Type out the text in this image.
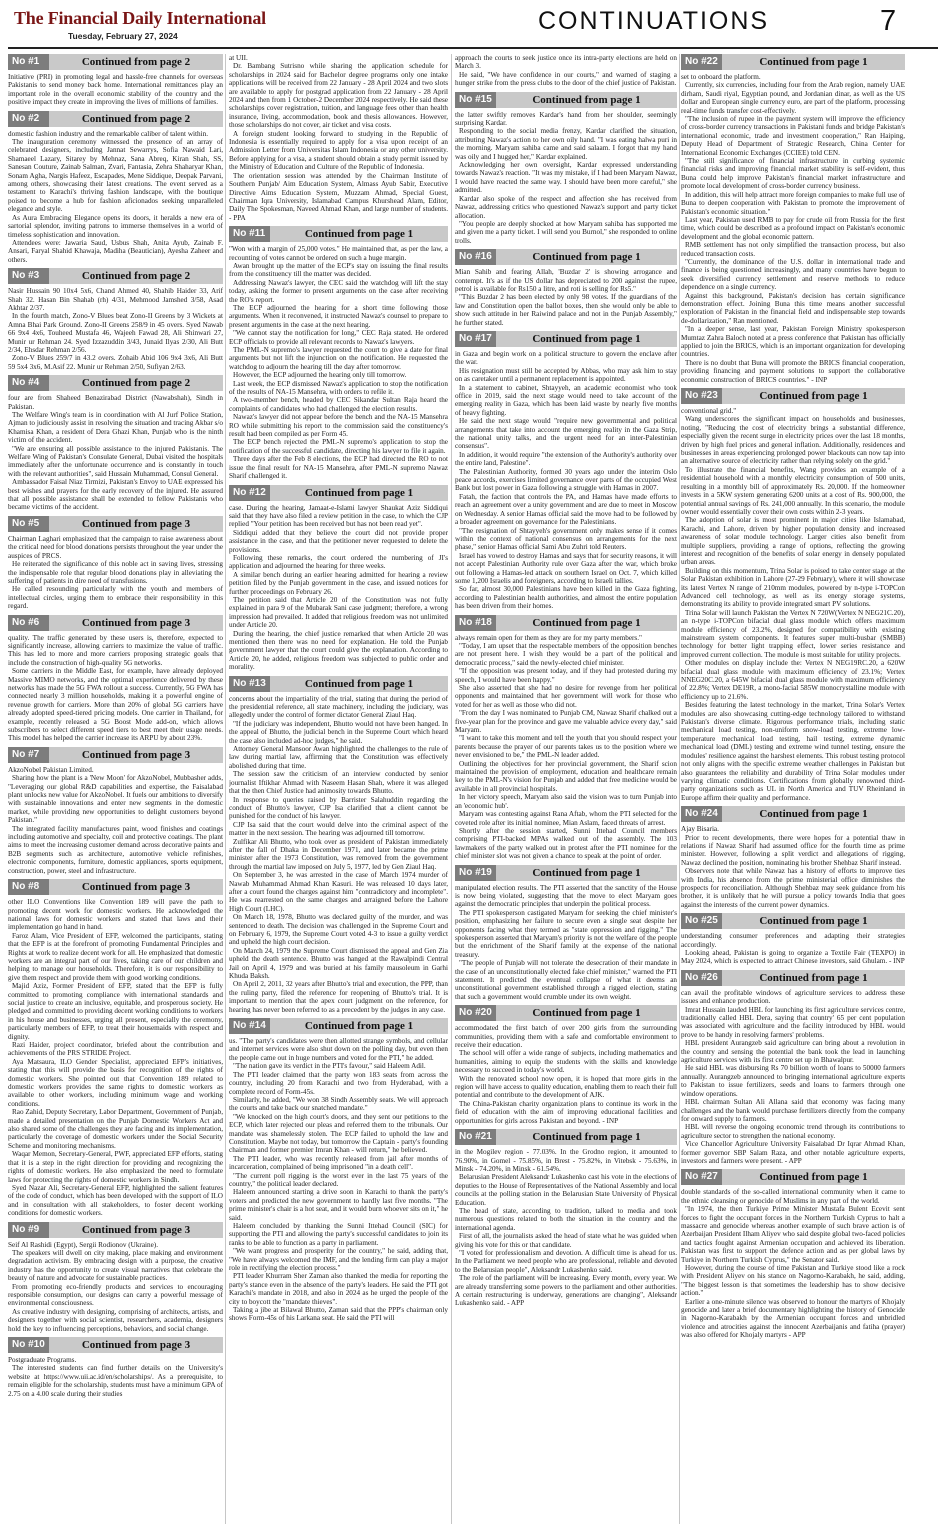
The Financial Daily International
Tuesday, February 27, 2024
CONTINUATIONS	7
No #1	Continued from page 2

Initiative (PRI) in promoting legal and hassle-free channels for overseas Pakistanis to send money back home. International remittances play an important role in the overall economic stability of the country and the positive impact they create in improving the lives of millions of families.

No #2	Continued from page 2

domestic fashion industry and the remarkable caliber of talent within.

The inauguration ceremony witnessed the presence of an array of celebrated designers, including Jannat Sewarrys, Sofia Nawaid Lari, Shamaeel Lazary, Sitarey by Mehnaz, Sana Abreq, Kiran Shah, SS, Sanesan Couture, Zainab Salman, Zvari, Fantasia, Zehra Shaharyar Khan, Sonam Agha, Nargis Hafeez, Escapades, Mene Siddique, Deepak Parvani, among others, showcasing their latest creations. The event served as a testament to Karachi's thriving fashion landscape, with the boutique poised to become a hub for fashion aficionados seeking unparalleled elegance and style.

As Aura Embracing Elegance opens its doors, it heralds a new era of sartorial splendor, inviting patrons to immerse themselves in a world of timeless sophistication and innovation.

Attendees were: Jawaria Saud, Usbus Shah, Anita Ayub, Zainab F. Ansari, Faryal Shahid Khawaja, Madiha (Beautician), Ayesha Zaheer and others.

No #3	Continued from page 2

Nasir Hussain 90 10x4 5x6, Chand Ahmed 40, Shahib Haider 33, Arif Shah 32. Hasan Bin Shahab (rh) 4/31, Mehmood Jamshed 3/58, Asad Akhtar 2/37.

In the fourth match, Zono-V Blues beat Zono-II Greens by 3 Wickets at Amna Bhai Park Ground. Zono-II Greens 258/9 in 45 overs. Syed Nawab 66 9x4 4x6, Touheed Mustafa 46, Wajeeh Fawad 28, Ali Shinwari 27, Munir ur Rehman 24. Syed Izzazuddin 3/43, Junaid Ilyas 2/30, Ali Butt 2/34, Ehsdar Rehman 2/56.

Zono-V Blues 259/7 in 43.2 overs. Zohaib Abid 106 9x4 3x6, Ali Butt 59 5x4 3x6, M.Asif 22. Munir ur Rehman 2/50, Sufiyan 2/63.

No #4	Continued from page 2

four are from Shaheed Benazirabad District (Nawabshah), Sindh in Pakistan.

The Welfare Wing's team is in coordination with Al Jurf Police Station, Ajman to judiciously assist in resolving the situation and tracing Akbar s/o Khamisa Khan, a resident of Dera Ghazi Khan, Punjab who is the ninth victim of the accident.

"We are ensuring all possible assistance to the injured Pakistanis. The Welfare Wing of Pakistan's Consulate General, Dubai visited the hospitals immediately after the unfortunate occurrence and is constantly in touch with the relevant authorities", said Hussain Muhammad, Consul General.

Ambassador Faisal Niaz Tirmizi, Pakistan's Envoy to UAE expressed his best wishes and prayers for the early recovery of the injured. He assured that all possible assistance shall be extended to fellow Pakistanis who became victims of the accident.

No #5	Continued from page 3

Chairman Laghari emphasized that the campaign to raise awareness about the critical need for blood donations persists throughout the year under the auspices of PRCS.

He reiterated the significance of this noble act in saving lives, stressing the indispensable role that regular blood donations play in alleviating the suffering of patients in dire need of transfusions.

He called resounding particularly with the youth and members of intellectual circles, urging them to embrace their responsibility in this regard.

No #6	Continued from page 3

quality. The traffic generated by these users is, therefore, expected to significantly increase, allowing carriers to maximize the value of traffic. This has led to more and more carriers proposing strategic goals that include the construction of high-quality 5G networks.

Some carriers in the Middle East, for example, have already deployed Massive MIMO networks, and the optimal experience delivered by these networks has made the 5G FWA rollout a success. Currently, 5G FWA has connected nearly 3 million households, making it a powerful engine of revenue growth for carriers. More than 20% of global 5G carriers have already adopted speed-tiered pricing models. One carrier in Thailand, for example, recently released a 5G Boost Mode add-on, which allows subscribers to select different speed tiers to best meet their usage needs. This model has helped the carrier increase its ARPU by about 23%.

No #7	Continued from page 3

AkzoNobel Pakistan Limited.

Sharing how the plant is a 'New Moon' for AkzoNobel, Mubbasher adds, "Leveraging our global R&D capabilities and expertise, the Faisalabad plant unlocks new value for AkzoNobel. It fuels our ambitions to diversify with sustainable innovations and enter new segments in the domestic market, while providing new opportunities to delight customers beyond Pakistan."

The integrated facility manufactures paint, wood finishes and coatings including automotive and specialty, coil and protective coatings. The plant aims to meet the increasing customer demand across decorative paints and B2B segments such as architecture, automotive vehicle refinishes, electronic components, furniture, domestic appliances, sports equipment, construction, power, steel and infrastructure.

No #8	Continued from page 3

other ILO Conventions like Convention 189 will pave the path to promoting decent work for domestic workers. He acknowledged the national laws for domestic workers and stated that laws and their implementation go hand in hand.

Faroz Alam, Vice President of EFP, welcomed the participants, stating that the EFP is at the forefront of promoting Fundamental Principles and Rights at work to realize decent work for all. He emphasized that domestic workers are an integral part of our lives, taking care of our children and helping to manage our households. Therefore, it is our responsibility to give them respect and provide them with good working conditions.

Majid Aziz, Former President of EFP, stated that the EFP is fully committed to promoting compliance with international standards and social justice to create an inclusive, equitable, and prosperous society. He pledged and committed to providing decent working conditions to workers in his house and businesses, urging all present, especially the ceremony, particularly members of EFP, to treat their housemaids with respect and dignity.

Razi Haider, project coordinator, briefed about the contribution and achievements of the PRS STRIDE Project.

Aya Matsaura, ILO Gender Specialist, appreciated EFP's initiatives, stating that this will provide the basis for recognition of the rights of domestic workers. She pointed out that Convention 189 related to domestic workers provides the same rights to domestic workers as available to other workers, including minimum wage and working conditions.

Rao Zahid, Deputy Secretary, Labor Department, Government of Punjab, made a detailed presentation on the Punjab Domestic Workers Act and also shared some of the challenges they are facing and its implementation, particularly the coverage of domestic workers under the Social Security Scheme and monitoring mechanisms.

Waqar Memon, Secretary-General, PWF, appreciated EFP efforts, stating that it is a step in the right direction for providing and recognizing the rights of domestic workers. He also emphasized the need to formulate laws for protecting the rights of domestic workers in Sindh.

Syed Nazar Ali, Secretary-General EFP, highlighted the salient features of the code of conduct, which has been developed with the support of ILO and in consultation with all stakeholders, to foster decent working conditions for domestic workers.

No #9	Continued from page 3

Seif Al Rashidi (Egypt), Sergii Rodionov (Ukraine).

The speakers will dwell on city making, place making and environment degradation activism. By embracing design with a purpose, the creative industry has the opportunity to create visual narratives that celebrate the beauty of nature and advocate for sustainable practices.

From promoting eco-friendly products and services to encouraging responsible consumption, our designs can carry a powerful message of environmental consciousness.

As creative industry with designing, comprising of architects, artists, and designers together with social scientist, researchers, academia, designers hold the key to influencing perceptions, behaviors, and social change.

No #10	Continued from page 3

Postgraduate Programs.

The interested students can find further details on the University's website at https://www.uii.ac.id/en/scholarships/. As a prerequisite, to remain eligible for the scholarship, students must have a minimum GPA of 2.75 on a 4.00 scale during their studies

at UII.

Dr. Bambang Sutrisno while sharing the application schedule for scholarships in 2024 said for Bachelor degree programs only one intake applications will be received from 22 January - 28 April 2024 and two slots are available to apply for postgrad application from 22 January - 28 April 2024 and then from 1 October-2 December 2024 respectively. He said these scholarships cover registration, tuition, and language fees other than health insurance, living, accommodation, book and thesis allowances. However, those scholarships do not cover, air ticket and visa costs.

A foreign student looking forward to studying in the Republic of Indonesia is essentially required to apply for a visa upon receipt of an Admission Letter from Universitas Islam Indonesia or any other university. Before applying for a visa, a student should obtain a study permit issued by the Ministry of Education and Culture of the Republic of Indonesia.

The orientation session was attended by the Chairman Institute of Southern Punjab/ Aim Education System, Almass Ayub Sabir, Executive Directive Aims Education System, Muzzam Ahmad, Special Guest, Chairman Iqra University, Islamabad Campus Khurshead Alam, Editor, Daily The Spokesman, Naveed Ahmad Khan, and large number of students. - PPA

No #11	Continued from page 1

"Won with a margin of 25,000 votes." He maintained that, as per the law, a recounting of votes cannot be ordered on such a huge margin.

Awan brought up the matter of the ECP's stay on issuing the final results from the constituency till the matter was decided.

Addressing Nawaz's lawyer, the CEC said the watchdog will lift the stay today, asking the former to present arguments on the case after receiving the RO's report.

The ECP adjourned the hearing for a short time following those arguments. When it reconvened, it instructed Nawaz's counsel to prepare to present arguments in the case at the next hearing.

"We cannot stay the notification for long," CEC Raja stated. He ordered ECP officials to provide all relevant records to Nawaz's lawyers.

The PML-N supremo's lawyer requested the court to give a date for final arguments but not lift the injunction on the notification. He requested the watchdog to adjourn the hearing till the day after tomorrow.

However, the ECP adjourned the hearing only till tomorrow.

Last week, the ECP dismissed Nawaz's application to stop the notification of the results of NA-15 Mansehra, with orders to refile it.

A two-member bench, headed by CEC Sikandar Sultan Raja heard the complaints of candidates who had challenged the election results.

Nawaz's lawyer did not appear before the bench and the NA-15 Mansehra RO while submitting his report to the commission said the constituency's result had been compiled as per Form 45.

The ECP bench rejected the PML-N supremo's application to stop the notification of the successful candidate, directing his lawyer to file it again.

Three days after the Feb 8 elections, the ECP had directed the RO to not issue the final result for NA-15 Mansehra, after PML-N supremo Nawaz Sharif challenged it.

No #12	Continued from page 1

case. During the hearing, Jamaat-e-Islami lawyer Shaukat Aziz Siddiqui said that they have also filed a review petition in the case, to which the CJP replied "Your petition has been received but has not been read yet".

Siddiqui added that they believe the court did not provide proper assistance in the case, and that the petitioner never requested to delete the provisions.

Following these remarks, the court ordered the numbering of JI's application and adjourned the hearing for three weeks.

A similar bench during an earlier hearing admitted for hearing a review petition filed by the Punjab government in the case, and issued notices for further proceedings on February 26.

The petition said that Article 20 of the Constitution was not fully explained in para 9 of the Mubarak Sani case judgment; therefore, a wrong impression had prevailed. It added that religious freedom was not unlimited under Article 20.

During the hearing, the chief justice remarked that when Article 20 was mentioned then there was no need for explanation. He told the Punjab government lawyer that the court could give the explanation. According to Article 20, he added, religious freedom was subjected to public order and morality.

No #13	Continued from page 1

concerns about the impartiality of the trial, stating that during the period of the presidential reference, all state machinery, including the judiciary, was allegedly under the control of former dictator General Ziaul Haq.

"If the judiciary was independent, Bhutto would not have been hanged. In the appeal of Bhutto, the judicial bench in the Supreme Court which heard the case also included ad-hoc judges," he said.

Attorney General Mansoor Awan highlighted the challenges to the rule of law during martial law, affirming that the Constitution was effectively abolished during that time.

The session saw the criticism of an interview conducted by senior journalist Iftikhar Ahmad with Naseem Hasan Shah, where it was alleged that the then Chief Justice had animosity towards Bhutto.

In response to queries raised by Barrister Salahuddin regarding the conduct of Bhutto's lawyer, CJP Isa clarified that a client cannot be punished for the conduct of his lawyer.

CJP Isa said that the court would delve into the criminal aspect of the matter in the next session. The hearing was adjourned till tomorrow.

Zulfikar Ali Bhutto, who took over as president of Pakistan immediately after the fall of Dhaka in December 1971, and later became the prime minister after the 1973 Constitution, was removed from the government through the martial law imposed on July 5, 1977, led by Gen Ziaul Haq.

On September 3, he was arrested in the case of March 1974 murder of Nawab Muhammad Ahmad Khan Kasuri. He was released 10 days later, after a court found the charges against him "contradictory and incomplete". He was rearrested on the same charges and arraigned before the Lahore High Court (LHC).

On March 18, 1978, Bhutto was declared guilty of the murder, and was sentenced to death. The decision was challenged in the Supreme Court and on February 6, 1979, the Supreme Court voted 4-3 to issue a guilty verdict and upheld the high court decision.

On March 24, 1979 the Supreme Court dismissed the appeal and Gen Zia upheld the death sentence. Bhutto was hanged at the Rawalpindi Central Jail on April 4, 1979 and was buried at his family mausoleum in Garhi Khuda Baksh.

On April 2, 2011, 32 years after Bhutto's trial and execution, the PPP, than the ruling party, filed the reference for reopening of Bhutto's trial. It is important to mention that the apex court judgment on the reference, for hearing has never been referred to as a precedent by the judges in any case.

No #14	Continued from page 1

us. "The party's candidates were then allotted strange symbols, and cellular and internet services were also shut down on the polling day, but even then the people came out in huge numbers and voted for the PTI," he added.

"The nation gave its verdict in the PTI's favour," said Haleem Adil.

The PTI leader claimed that the party won 183 seats from across the country, including 20 from Karachi and two from Hyderabad, with a complete record of Form-45s.

Similarly, he added, "We won 38 Sindh Assembly seats. We will approach the courts and take back our snatched mandate."

"We knocked on the high court's doors, and they sent our petitions to the ECP, which later rejected our pleas and referred them to the tribunals. Our mandate was shamelessly stolen. The ECP failed to uphold the law and Constitution. Maybe not today, but tomorrow the Captain - party's founding chairman and former premier Imran Khan - will return," he believed.

The PTI leader, who was recently released from jail after months of incarceration, complained of being imprisoned "in a death cell".

"The current poll rigging is the worst ever in the last 75 years of the country," the political leader declared.

Haleem announced starting a drive soon in Karachi to thank the party's voters and predicted the new government to hardly last five months. "The prime minister's chair is a hot seat, and it would burn whoever sits on it," he said.

Haleem concluded by thanking the Sunni Ittehad Council (SIC) for supporting the PTI and allowing the party's successful candidates to join its ranks to be able to function as a party in parliament.

"We want progress and prosperity for the country," he said, adding that, "We have always welcomed the IMF, and the lending firm can play a major role in rectifying the election process."

PTI leader Khurram Sher Zaman also thanked the media for reporting the party's stance even in the absence of the party's leaders. He said the PTI got Karachi's mandate in 2018, and also in 2024 as he urged the people of the city to boycott the "mandate thieves".

Taking a jibe at Bilawal Bhutto, Zaman said that the PPP's chairman only shows Form-45s of his Larkana seat. He said the PTI will

approach the courts to seek justice once its intra-party elections are held on March 3.

He said, "We have confidence in our courts," and warned of staging a hunger strike from the press clubs to the door of the chief justice of Pakistan.

No #15	Continued from page 1

the latter swiftly removes Kardar's hand from her shoulder, seemingly surprising Kardar.

Responding to the social media frenzy, Kardar clarified the situation, attributing Nawaz's action to her own oily hand. "I was eating halwa puri in the morning. Maryam sahiba came and said salaam. I forgot that my hand was oily and I hugged her," Kardar explained.

Acknowledging her own oversight, Kardar expressed understanding towards Nawaz's reaction. "It was my mistake, if I had been Maryam Nawaz, I would have reacted the same way. I should have been more careful," she admitted.

Kardar also spoke of the respect and affection she has received from Nawaz, addressing critics who questioned Nawaz's support and party ticket allocation.

"You people are deeply shocked at how Maryam sahiba has supported me and given me a party ticket. I will send you Burnol," she responded to online trolls.

No #16	Continued from page 1

Mian Sahib and fearing Allah, 'Buzdar 2' is showing arrogance and contempt. It's as if the US dollar has depreciated to 200 against the rupee, petrol is available for Rs150 a litre, and roti is selling for Rs5."

"This Buzdar 2 has been elected by only 98 votes. If the guardians of the law and Constitution open the ballot boxes, then she would only be able to show such attitude in her Raiwind palace and not in the Punjab Assembly," he further stated.

No #17	Continued from page 1

in Gaza and begin work on a political structure to govern the enclave after the war.

His resignation must still be accepted by Abbas, who may ask him to stay on as caretaker until a permanent replacement is appointed.

In a statement to cabinet, Shtayyeh, an academic economist who took office in 2019, said the next stage would need to take account of the emerging reality in Gaza, which has been laid waste by nearly five months of heavy fighting.

He said the next stage would "require new governmental and political arrangements that take into account the emerging reality in the Gaza Strip, the national unity talks, and the urgent need for an inter-Palestinian consensus".

In addition, it would require "the extension of the Authority's authority over the entire land, Palestine".

The Palestinian Authority, formed 30 years ago under the interim Oslo peace accords, exercises limited governance over parts of the occupied West Bank but lost power in Gaza following a struggle with Hamas in 2007.

Fatah, the faction that controls the PA, and Hamas have made efforts to reach an agreement over a unity government and are due to meet in Moscow on Wednesday. A senior Hamas official said the move had to be followed by a broader agreement on governance for the Palestinians.

"The resignation of Shtayyeh's government only makes sense if it comes within the context of national consensus on arrangements for the next phase," senior Hamas official Sami Abu Zuhri told Reuters.

Israel has vowed to destroy Hamas and says that for security reasons, it will not accept Palestinian Authority rule over Gaza after the war, which broke out following a Hamas-led attack on southern Israel on Oct. 7, which killed some 1,200 Israelis and foreigners, according to Israeli tallies.

So far, almost 30,000 Palestinians have been killed in the Gaza fighting, according to Palestinian health authorities, and almost the entire population has been driven from their homes.

No #18	Continued from page 1

always remain open for them as they are for my party members."

"Today, I am upset that the respectable members of the opposition benches are not present here. I wish they would be a part of the political and democratic process," said the newly-elected chief minister.

"If the opposition was present today, and if they had protested during my speech, I would have been happy."

She also asserted that she had no desire for revenge from her political opponents and maintained that her government will work for those who voted for her as well as those who did not.

"From the day I was nominated to Punjab CM, Nawaz Sharif chalked out a five-year plan for the province and gave me valuable advice every day," said Maryam.

"I want to take this moment and tell the youth that you should respect your parents because the prayer of our parents takes us to the position where we never envisioned to be," the PML-N leader added.

Outlining the objectives for her provincial government, the Sharif scion maintained the provision of employment, education and healthcare remain key to the PML-N's vision for Punjab and added that free medicine would be available in all provincial hospitals.

In her victory speech, Maryam also said the vision was to turn Punjab into an 'economic hub'.

Maryam was contesting against Rana Aftab, whom the PTI selected for the coveted role after its initial nominee, Mian Aslam, faced threats of arrest.

Shortly after the session started, Sunni Ittehad Council members comprising PTI-backed MPAs walked out of the assembly. The 103 lawmakers of the party walked out in protest after the PTI nominee for the chief minister slot was not given a chance to speak at the point of order.

No #19	Continued from page 1

manipulated election results. The PTI asserted that the sanctity of the House is now being violated, suggesting that the move to elect Maryam goes against the democratic principles that underpin the political process.

The PTI spokesperson castigated Maryam for seeking the chief minister's position, emphasizing her failure to secure even a single seat despite her opponents facing what they termed as "state oppression and rigging." The spokesperson asserted that Maryam's priority is not the welfare of the people but the enrichment of the Sharif family at the expense of the national treasury.

"The people of Punjab will not tolerate the desecration of their mandate in the case of an unconstitutionally elected fake chief minister," warned the PTI statement. It predicted the eventual collapse of what it deems an unconstitutional government established through a rigged election, stating that such a government would crumble under its own weight.

No #20	Continued from page 1

accommodated the first batch of over 200 girls from the surrounding communities, providing them with a safe and comfortable environment to receive their education.

The school will offer a wide range of subjects, including mathematics and humanities, aiming to equip the students with the skills and knowledge necessary to succeed in today's world.

With the renovated school now open, it is hoped that more girls in the region will have access to quality education, enabling them to reach their full potential and contribute to the development of AJK.

The China-Pakistan charity organization plans to continue its work in the field of education with the aim of improving educational facilities and opportunities for girls across Pakistan and beyond. - INP

No #21	Continued from page 1

in the Mogilev region - 77.03%. In the Grodno region, it amounted to 76.90%, in Gomel - 75.85%, in Brest - 75.82%, in Vitebsk - 75.63%, in Minsk - 74.20%, in Minsk - 61.54%.

Belarusian President Aleksandr Lukashenko cast his vote in the elections of deputies to the House of Representatives of the National Assembly and local councils at the polling station in the Belarusian State University of Physical Education.

The head of state, according to tradition, talked to media and took numerous questions related to both the situation in the country and the international agenda.

First of all, the journalists asked the head of state what he was guided when giving his vote for this or that candidate.

"I voted for professionalism and devotion. A difficult time is ahead for us. In the Parliament we need people who are professional, reliable and devoted to the Belarusian people", Aleksandr Lukashenko said.

The role of the parliament will be increasing. Every month, every year. We are already transferring some powers to the parliament and other authorities. A certain restructuring is underway, generations are changing", Aleksandr Lukashenko said. - APP

No #22	Continued from page 1

set to onboard the platform.

Currently, six currencies, including four from the Arab region, namely UAE dirham, Saudi riyal, Egyptian pound, and Jordanian dinar, as well as the US dollar and European single currency euro, are part of the platform, processing real-time funds transfer cost-effectively.

"The inclusion of rupee in the payment system will improve the efficiency of cross-border currency transactions in Pakistani funds and bridge Pakistan's international economic, trade and investment cooperation," Ran Haiping, Deputy Head of Department of Strategic Research, China Center for International Economic Exchanges (CCIEE) told CEN.

"The still significance of financial infrastructure in curbing systemic financial risks and improving financial market stability is self-evident, thus Buna could help improve Pakistan's financial market infrastructure and promote local development of cross-border currency business.

In addition, this will help attract more foreign companies to make full use of Buna to deepen cooperation with Pakistan to promote the improvement of Pakistan's economic situation."

Last year, Pakistan used RMB to pay for crude oil from Russia for the first time, which could be described as a profound impact on Pakistan's economic development and the global economic pattern.

RMB settlement has not only simplified the transaction process, but also reduced transaction costs.

"Currently, the dominance of the U.S. dollar in international trade and finance is being questioned increasingly, and many countries have begun to seek diversified currency settlement and reserve methods to reduce dependence on a single currency.

Against this background, Pakistan's decision has certain significance demonstration effect. Joining Buna this time means another successful exploration of Pakistan in the financial field and indispensable step towards de-dollarization," Ran mentioned.

"In a deeper sense, last year, Pakistan Foreign Ministry spokesperson Mumtaz Zahra Baloch noted at a press conference that Pakistan has officially applied to join the BRICS, which is an important organization for developing countries.

There is no doubt that Buna will promote the BRICS financial cooperation, providing financing and payment solutions to support the collaborative economic construction of BRICS countries." - INP

No #23	Continued from page 1

conventional grid."

Wang underscores the significant impact on households and businesses, noting, "Reducing the cost of electricity brings a substantial difference, especially given the recent surge in electricity prices over the last 18 months, driven by high fuel prices and general inflation. Additionally, residences and businesses in areas experiencing prolonged power blackouts can now tap into an alternative source of electricity rather than relying solely on the grid."

To illustrate the financial benefits, Wang provides an example of a residential household with a monthly electricity consumption of 500 units, resulting in a monthly bill of approximately Rs. 20,000. If the homeowner invests in a 5KW system generating 6200 units at a cost of Rs. 900,000, the potential annual savings of Rs. 241,000 annually. In this scenario, the module owner would essentially cover their own costs within 2-3 years.

The adoption of solar is most prominent in major cities like Islamabad, Karachi, and Lahore, driven by higher population density and increased awareness of solar module technology. Larger cities also benefit from multiple suppliers, providing a range of options, reflecting the growing interest and recognition of the benefits of solar energy in densely populated urban areas.

Building on this momentum, Trina Solar is poised to take center stage at the Solar Pakistan exhibition in Lahore (27-29 February), where it will showcase its latest Vertex N range of 210mm modules, powered by n-type i-TOPCon Advanced cell technology, as well as its energy storage systems, demonstrating its ability to provide integrated smart PV solutions.

Trina Solar will launch Pakistan the Vertex N 720W(Vertex N NEG21C.20), an n-type i-TOPCon bifacial dual glass module which offers maximum module efficiency of 23.2%, designed for compatibility with existing mainstream system components. It features super multi-busbar (SMBB) technology for better light trapping effect, lower series resistance and improved current collection. The module is most suitable for utility projects.

Other modules on display include the: Vertex N NEG19RC.20, a 620W bifacial dual glass module with maximum efficiency of 23.1%; Vertex NNEG20C.20, a 645W bifacial dual glass module with maximum efficiency of 22.8%; Vertex DE19R, a mono-facial 585W monocrystalline module with efficiency up to 21.6%.

Besides featuring the latest technology in the market, Trina Solar's Vertex modules are also showcasing cutting-edge technology tailored to withstand Pakistan's diverse climate. Rigorous performance trials, including static mechanical load testing, non-uniform snow-load testing, extreme low-temperature mechanical load testing, hail testing, extreme dynamic mechanical load (DML) testing and extreme wind tunnel testing, ensure the modules' resilience against the harshest elements. This robust testing protocol not only aligns with the specific extreme weather challenges in Pakistan but also guarantees the reliability and durability of Trina Solar modules under varying climatic conditions. Certifications from globally renowned third-party organizations such as UL in North America and TUV Rheinland in Europe affirm their quality and performance.

No #24	Continued from page 1

Ajay Bisaria.

Prior to recent developments, there were hopes for a potential thaw in relations if Nawaz Sharif had assumed office for the fourth time as prime minister. However, following a split verdict and allegations of rigging, Nawaz declined the position, nominating his brother Shehbaz Sharif instead.

Observers note that while Nawaz has a history of efforts to improve ties with India, his absence from the prime ministerial office diminishes the prospects for reconciliation. Although Shehbaz may seek guidance from his brother, it is unlikely that he will pursue a policy towards India that goes against the interests of the current power dynamics.

No #25	Continued from page 1

understanding consumer preferences and adapting their strategies accordingly.

Looking ahead, Pakistan is going to organize a Textile Fair (TEXPO) in May 2024, which is expected to attract Chinese investors, said Ghulam. - INP

No #26	Continued from page 1

can avail the profitable windows of agriculture services to address these issues and enhance production.

Imrat Hussain lauded HBL for launching its first agriculture services centre, traditionally called HBL Dera, saying that country' 65 per cent population was associated with agriculture and the facility introduced by HBL would prove to be handy in resolving farmers' problems.

HBL president Aurangzeb said agriculture can bring about a revolution in the country and sensing the potential the bank took the lead in launching agriculture services with its first centre set up in Bhawalpur.

He said HBL was disbursing Rs 70 billion worth of loans to 50000 farmers annually. Aurangzeb announced to bringing international agriculture experts to Pakistan to issue fertilizers, seeds and loans to farmers through one window operations.

HBL chairman Sultan Ali Allana said that economy was facing many challenges and the bank would purchase fertilizers directly from the company for onward supply to farmers.

HBL will reverse the ongoing economic trend through its contributions to agriculture sector to strengthen the national economy.

Vice Chancellor Agriculture University Faisalabad Dr Iqrar Ahmad Khan, former governor SBP Salam Raza, and other notable agriculture experts, investors and farmers were present. - APP

No #27	Continued from page 1

double standards of the so-called international community when it came to the ethnic cleansing or genocide of Muslims in any part of the world.

"In 1974, the then Turkiye Prime Minister Mustafa Bulent Ecevit sent forces to fight the occupant forces in the Northern Turkish Cyprus to halt a massacre and genocide whereas another example of such brave action is of Azerbaijan President Ilham Aliyev who said despite global two-faced policies and tactics fought against Armenian occupation and achieved its liberation. Pakistan was first to support the defence action and as per global laws by Turkiye in Northern Turkish Cyprus," the Senator said.

However, during the course of time Pakistan and Turkiye stood like a rock with President Aliyev on his stance on Nagorno-Karabakh, he said, adding, "The biggest lesson is that sometimes the leadership has to show decisive action."

Earlier a one-minute silence was observed to honour the martyrs of Khojaly genocide and later a brief documentary highlighting the history of Genocide in Nagorno-Karabakh by the Armenian occupant forces and unbridled violence and atrocities against the innocent Azerbaijanis and fatiha (prayer) was also offered for Khojaly martyrs - APP
